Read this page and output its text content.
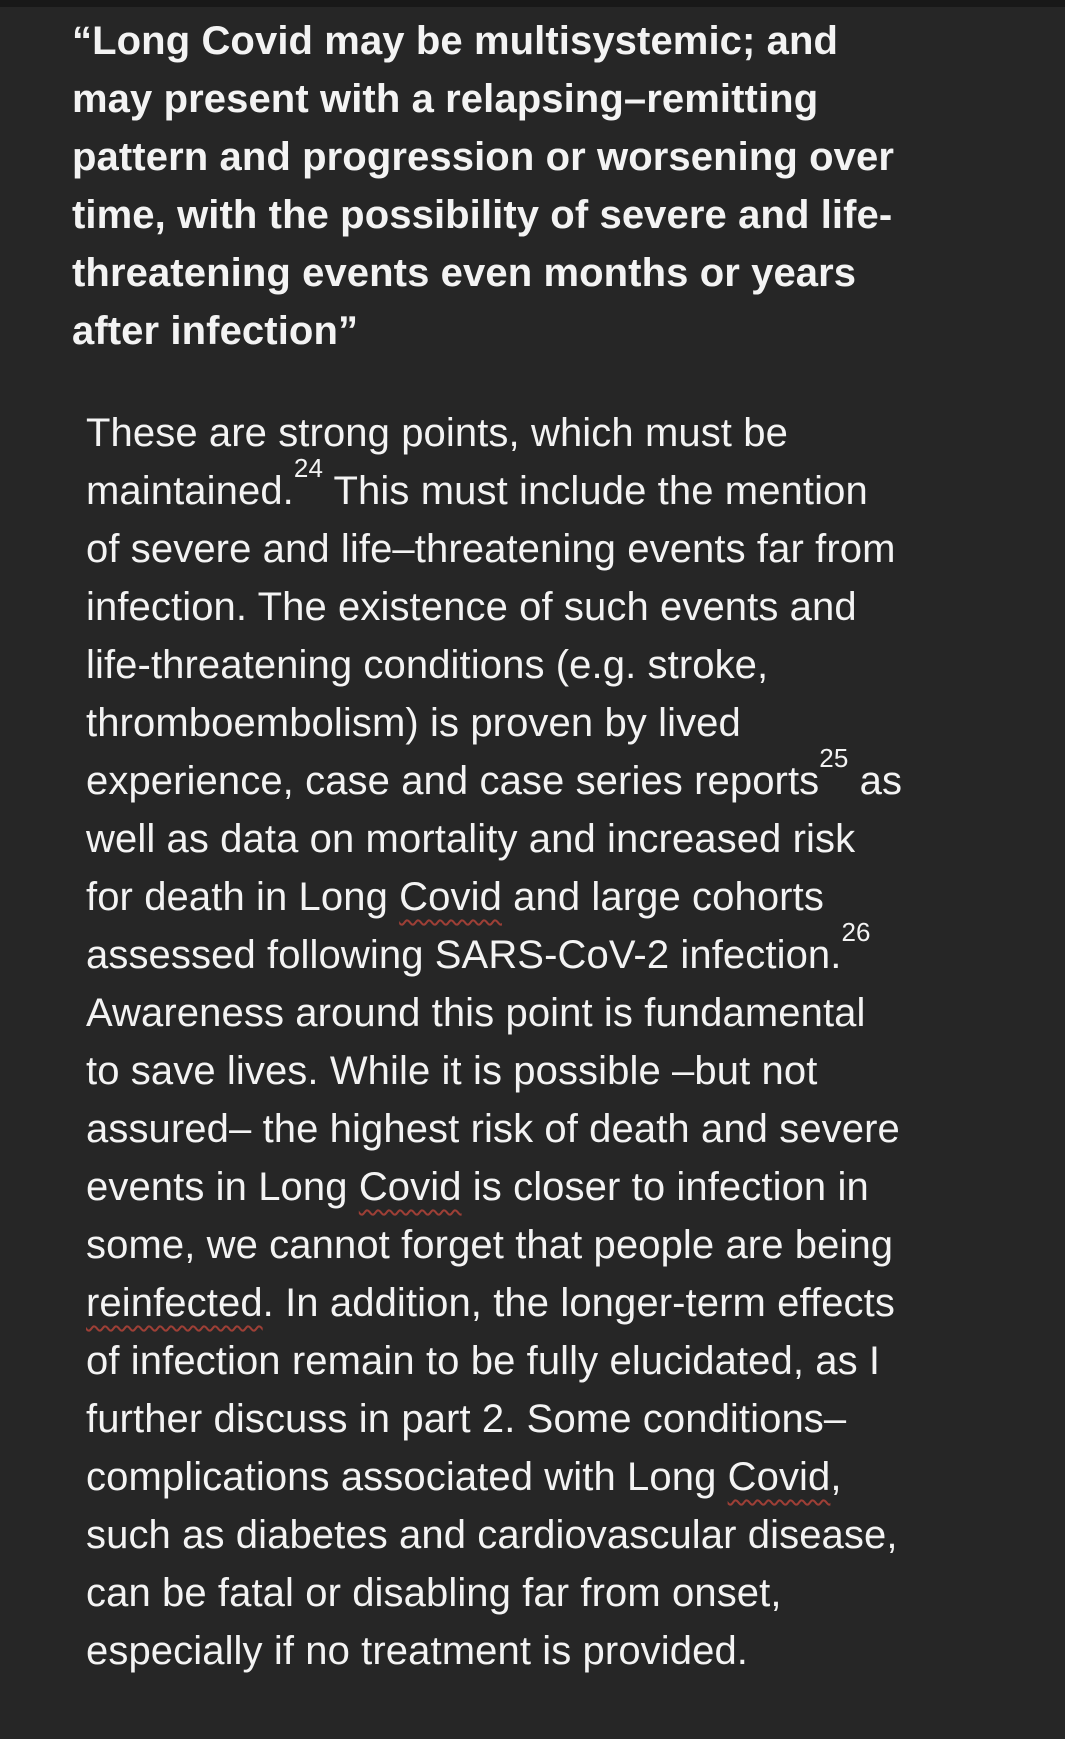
“Long Covid may be multisystemic; and
may present with a relapsing–remitting
pattern and progression or worsening over
time, with the possibility of severe and life-
threatening events even months or years
after infection”
These are strong points, which must be
maintained.$^{24}$ This must include the mention
of severe and life–threatening events far from
infection. The existence of such events and
life-threatening conditions (e.g. stroke,
thromboembolism) is proven by lived
experience, case and case series reports$^{25}$ as
well as data on mortality and increased risk
for death in Long Covid and large cohorts
assessed following SARS-CoV-2 infection.$^{26}$
Awareness around this point is fundamental
to save lives. While it is possible –but not
assured– the highest risk of death and severe
events in Long Covid is closer to infection in
some, we cannot forget that people are being
reinfected. In addition, the longer-term effects
of infection remain to be fully elucidated, as I
further discuss in part 2. Some conditions–
complications associated with Long Covid,
such as diabetes and cardiovascular disease,
can be fatal or disabling far from onset,
especially if no treatment is provided.
